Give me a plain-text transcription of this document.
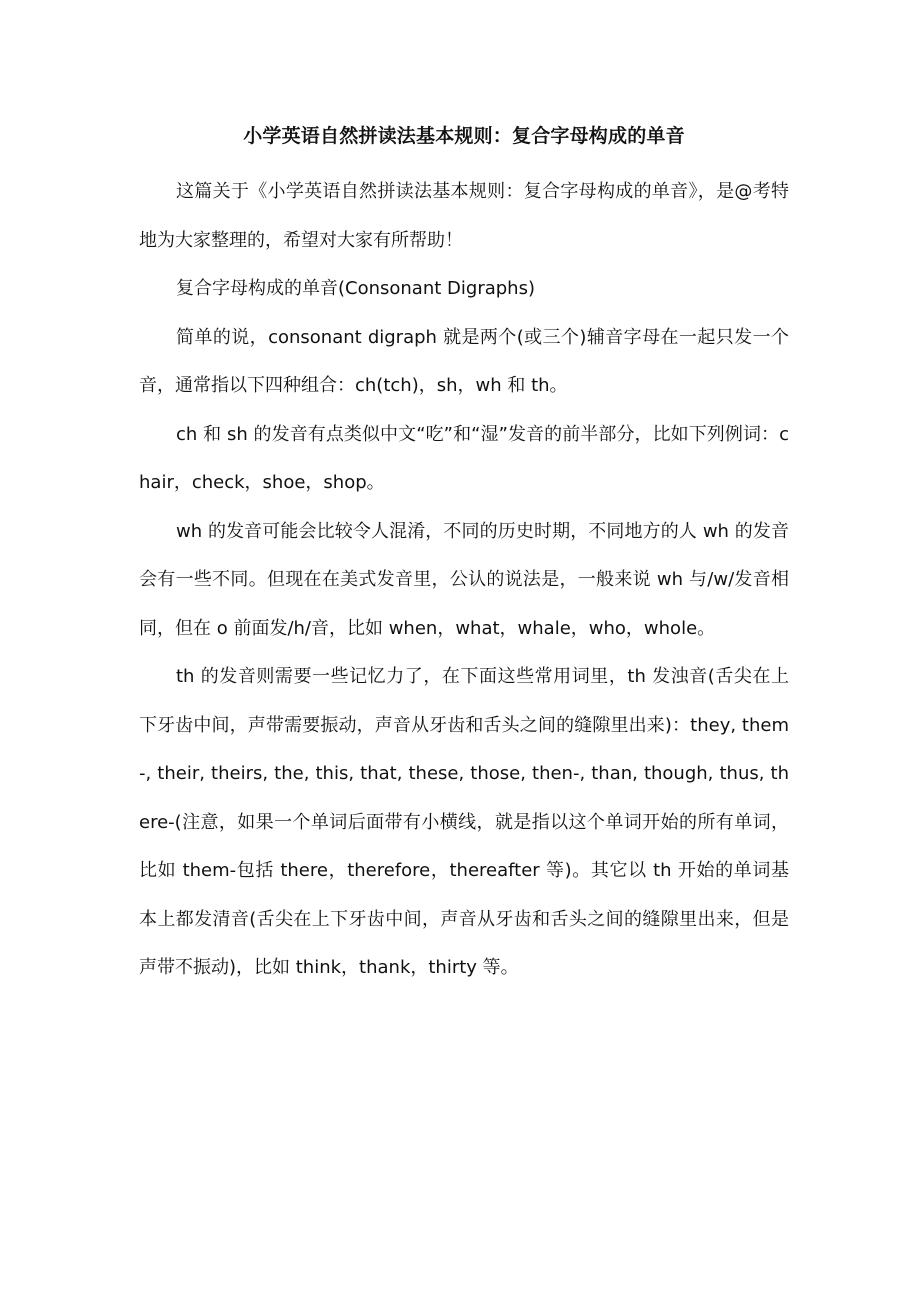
小学英语自然拼读法基本规则：复合字母构成的单音

这篇关于《小学英语自然拼读法基本规则：复合字母构成的单音》，是@考特地为大家整理的，希望对大家有所帮助！

复合字母构成的单音(Consonant Digraphs)

简单的说，consonant digraph 就是两个(或三个)辅音字母在一起只发一个音，通常指以下四种组合：ch(tch)，sh，wh 和 th。

ch 和 sh 的发音有点类似中文“吃”和“湿”发音的前半部分，比如下列例词：chair，check，shoe，shop。

wh 的发音可能会比较令人混淆，不同的历史时期，不同地方的人 wh 的发音会有一些不同。但现在在美式发音里，公认的说法是，一般来说 wh 与/w/发音相同，但在 o 前面发/h/音，比如 when，what，whale，who，whole。

th 的发音则需要一些记忆力了，在下面这些常用词里，th 发浊音(舌尖在上下牙齿中间，声带需要振动，声音从牙齿和舌头之间的缝隙里出来)：they, them-, their, theirs, the, this, that, these, those, then-, than, though, thus, there-(注意，如果一个单词后面带有小横线，就是指以这个单词开始的所有单词，比如 them-包括 there，therefore，thereafter 等)。其它以 th 开始的单词基本上都发清音(舌尖在上下牙齿中间，声音从牙齿和舌头之间的缝隙里出来，但是声带不振动)，比如 think，thank，thirty 等。
